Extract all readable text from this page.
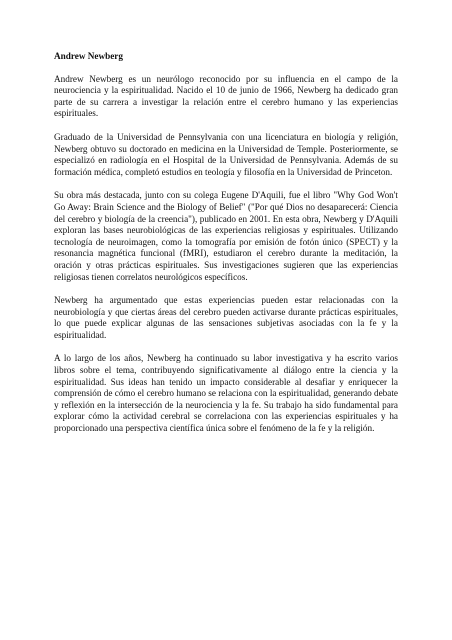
Andrew Newberg

Andrew Newberg es un neurólogo reconocido por su influencia en el campo de la neurociencia y la espiritualidad. Nacido el 10 de junio de 1966, Newberg ha dedicado gran parte de su carrera a investigar la relación entre el cerebro humano y las experiencias espirituales.

Graduado de la Universidad de Pennsylvania con una licenciatura en biología y religión, Newberg obtuvo su doctorado en medicina en la Universidad de Temple. Posteriormente, se especializó en radiología en el Hospital de la Universidad de Pennsylvania. Además de su formación médica, completó estudios en teología y filosofía en la Universidad de Princeton.

Su obra más destacada, junto con su colega Eugene D'Aquili, fue el libro "Why God Won't Go Away: Brain Science and the Biology of Belief" ("Por qué Dios no desaparecerá: Ciencia del cerebro y biología de la creencia"), publicado en 2001. En esta obra, Newberg y D'Aquili exploran las bases neurobiológicas de las experiencias religiosas y espirituales. Utilizando tecnología de neuroimagen, como la tomografía por emisión de fotón único (SPECT) y la resonancia magnética funcional (fMRI), estudiaron el cerebro durante la meditación, la oración y otras prácticas espirituales. Sus investigaciones sugieren que las experiencias religiosas tienen correlatos neurológicos específicos.

Newberg ha argumentado que estas experiencias pueden estar relacionadas con la neurobiología y que ciertas áreas del cerebro pueden activarse durante prácticas espirituales, lo que puede explicar algunas de las sensaciones subjetivas asociadas con la fe y la espiritualidad.

A lo largo de los años, Newberg ha continuado su labor investigativa y ha escrito varios libros sobre el tema, contribuyendo significativamente al diálogo entre la ciencia y la espiritualidad. Sus ideas han tenido un impacto considerable al desafiar y enriquecer la comprensión de cómo el cerebro humano se relaciona con la espiritualidad, generando debate y reflexión en la intersección de la neurociencia y la fe. Su trabajo ha sido fundamental para explorar cómo la actividad cerebral se correlaciona con las experiencias espirituales y ha proporcionado una perspectiva científica única sobre el fenómeno de la fe y la religión.
